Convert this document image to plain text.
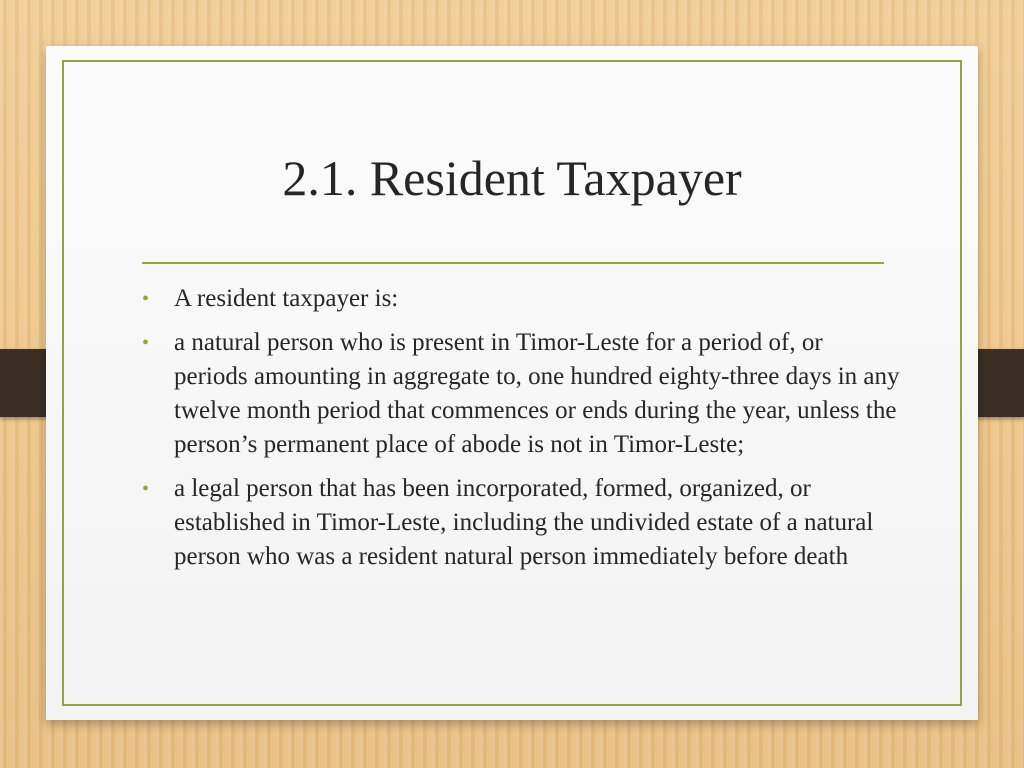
2.1. Resident Taxpayer
• A resident taxpayer is:
• a natural person who is present in Timor-Leste for a period of, or periods amounting in aggregate to, one hundred eighty-three days in any twelve month period that commences or ends during the year, unless the person’s permanent place of abode is not in Timor-Leste;
• a legal person that has been incorporated, formed, organized, or established in Timor-Leste, including the undivided estate of a natural person who was a resident natural person immediately before death
